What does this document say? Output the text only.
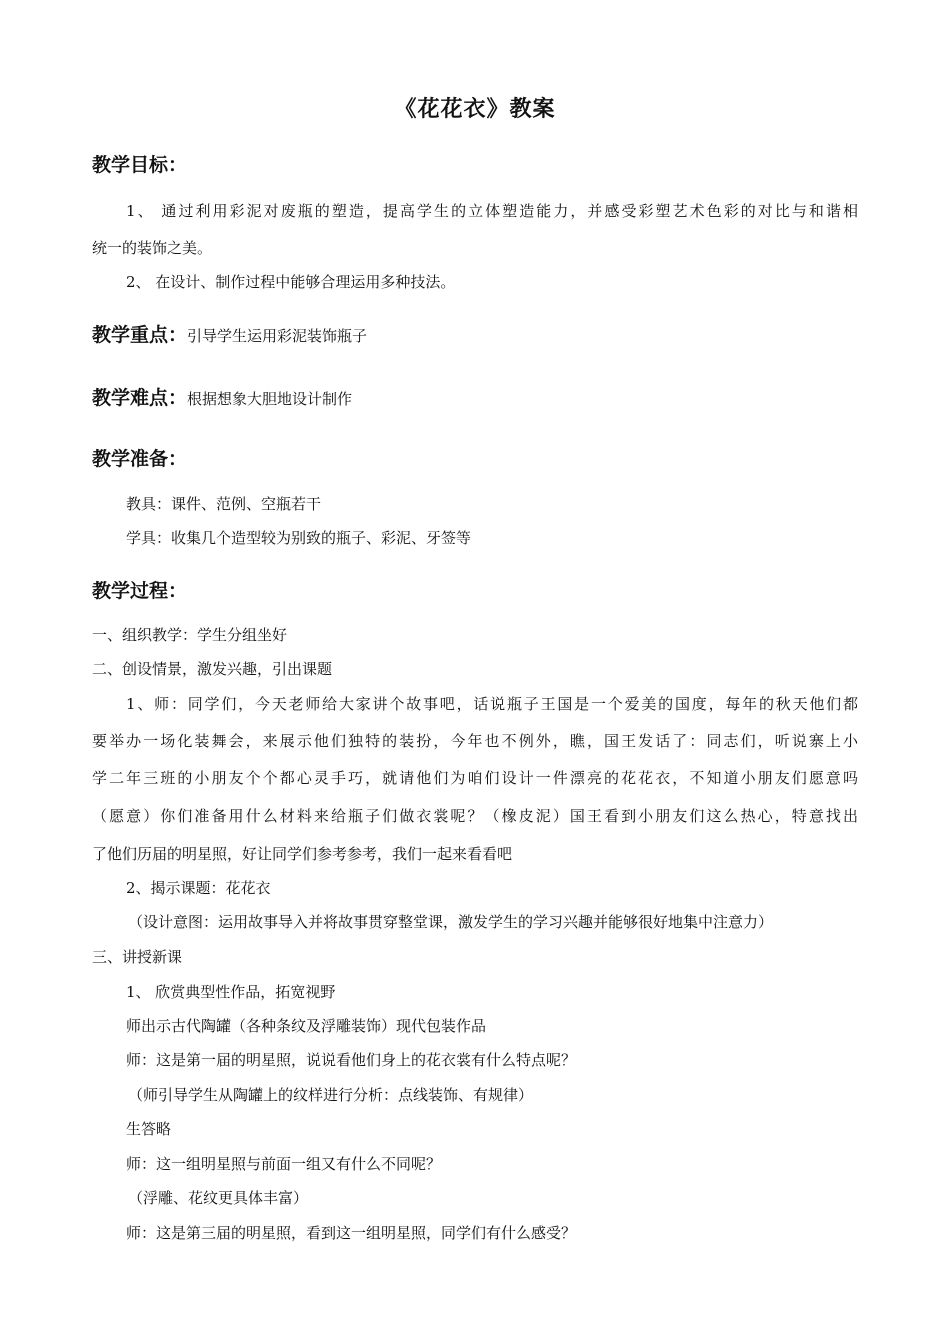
《花花衣》教案
教学目标：
1、 通过利用彩泥对废瓶的塑造，提高学生的立体塑造能力，并感受彩塑艺术色彩的对比与和谐相
统一的装饰之美。
2、 在设计、制作过程中能够合理运用多种技法。
教学重点：引导学生运用彩泥装饰瓶子
教学难点：根据想象大胆地设计制作
教学准备：
教具：课件、范例、空瓶若干
学具：收集几个造型较为别致的瓶子、彩泥、牙签等
教学过程：
一、组织教学：学生分组坐好
二、创设情景，激发兴趣，引出课题
1、师：同学们，今天老师给大家讲个故事吧，话说瓶子王国是一个爱美的国度，每年的秋天他们都
要举办一场化装舞会，来展示他们独特的装扮，今年也不例外，瞧，国王发话了：同志们，听说寨上小
学二年三班的小朋友个个都心灵手巧，就请他们为咱们设计一件漂亮的花花衣，不知道小朋友们愿意吗
（愿意）你们准备用什么材料来给瓶子们做衣裳呢？（橡皮泥）国王看到小朋友们这么热心，特意找出
了他们历届的明星照，好让同学们参考参考，我们一起来看看吧
2、揭示课题：花花衣
（设计意图：运用故事导入并将故事贯穿整堂课，激发学生的学习兴趣并能够很好地集中注意力）
三、讲授新课
1、 欣赏典型性作品，拓宽视野
师出示古代陶罐（各种条纹及浮雕装饰）现代包装作品
师：这是第一届的明星照，说说看他们身上的花衣裳有什么特点呢？
（师引导学生从陶罐上的纹样进行分析：点线装饰、有规律）
生答略
师：这一组明星照与前面一组又有什么不同呢？
（浮雕、花纹更具体丰富）
师：这是第三届的明星照，看到这一组明星照，同学们有什么感受？
